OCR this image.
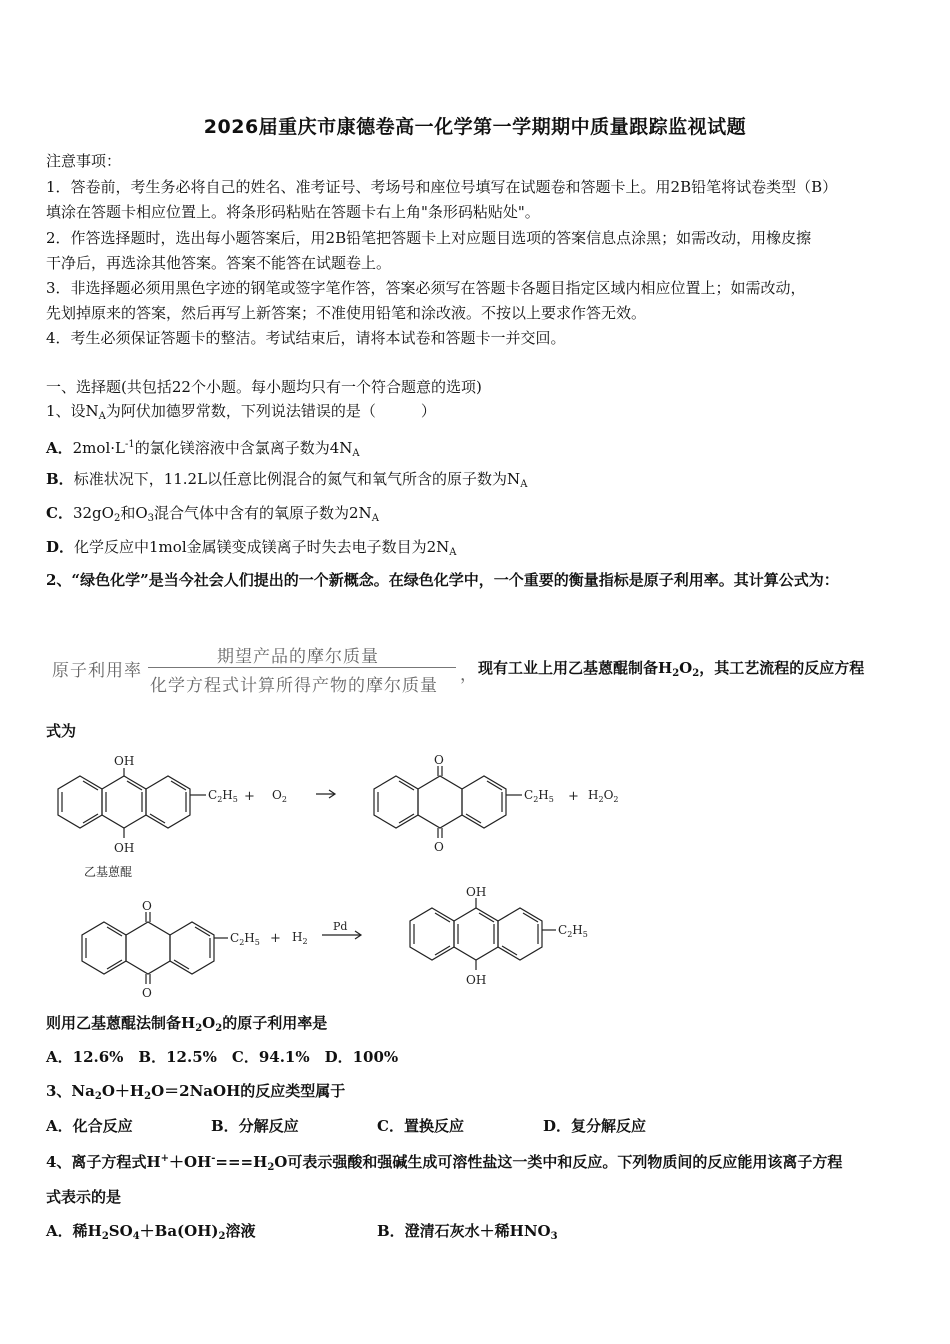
2026届重庆市康德卷高一化学第一学期期中质量跟踪监视试题
注意事项：
1．答卷前，考生务必将自己的姓名、准考证号、考场号和座位号填写在试题卷和答题卡上。用2B铅笔将试卷类型（B）
填涂在答题卡相应位置上。将条形码粘贴在答题卡右上角"条形码粘贴处"。
2．作答选择题时，选出每小题答案后，用2B铅笔把答题卡上对应题目选项的答案信息点涂黑；如需改动，用橡皮擦
干净后，再选涂其他答案。答案不能答在试题卷上。
3．非选择题必须用黑色字迹的钢笔或签字笔作答，答案必须写在答题卡各题目指定区域内相应位置上；如需改动，
先划掉原来的答案，然后再写上新答案；不准使用铅笔和涂改液。不按以上要求作答无效。
4．考生必须保证答题卡的整洁。考试结束后，请将本试卷和答题卡一并交回。
一、选择题(共包括22个小题。每小题均只有一个符合题意的选项)
1、设$N_A$为阿伏加德罗常数，下列说法错误的是（　　　）
A．$2mol\cdot L^{-1}$的氯化镁溶液中含氯离子数为$4N_A$
B．标准状况下，11.2L以任意比例混合的氮气和氧气所含的原子数为$N_A$
C．$32gO_2$和$O_3$混合气体中含有的氧原子数为$2N_A$
D．化学反应中1mol金属镁变成镁离子时失去电子数目为$2N_A$
2、“绿色化学”是当今社会人们提出的一个新概念。在绿色化学中，一个重要的衡量指标是原子利用率。其计算公式为：
原子利用率
期望产品的摩尔质量
化学方程式计算所得产物的摩尔质量
， 现有工业上用乙基蒽醌制备$H_2O_2$，其工艺流程的反应方程
式为
OH
OH
$C_2H_5 + O_2$
O
O
$C_2H_5 + H_2O_2$
乙基蒽醌
O
O
$C_2H_5 + H_2$
Pd
OH
OH
$C_2H_5$
则用乙基蒽醌法制备$H_2O_2$的原子利用率是
A．12.6%　B．12.5%　C．94.1%　D．100%
3、$Na_2O+H_2O=2NaOH$的反应类型属于
A．化合反应	B．分解反应	C．置换反应	D．复分解反应
4、离子方程式$H^++OH^-===H_2O$可表示强酸和强碱生成可溶性盐这一类中和反应。下列物质间的反应能用该离子方程
式表示的是
A．稀$H_2SO_4+Ba(OH)_2$溶液	B．澄清石灰水＋稀$HNO_3$
